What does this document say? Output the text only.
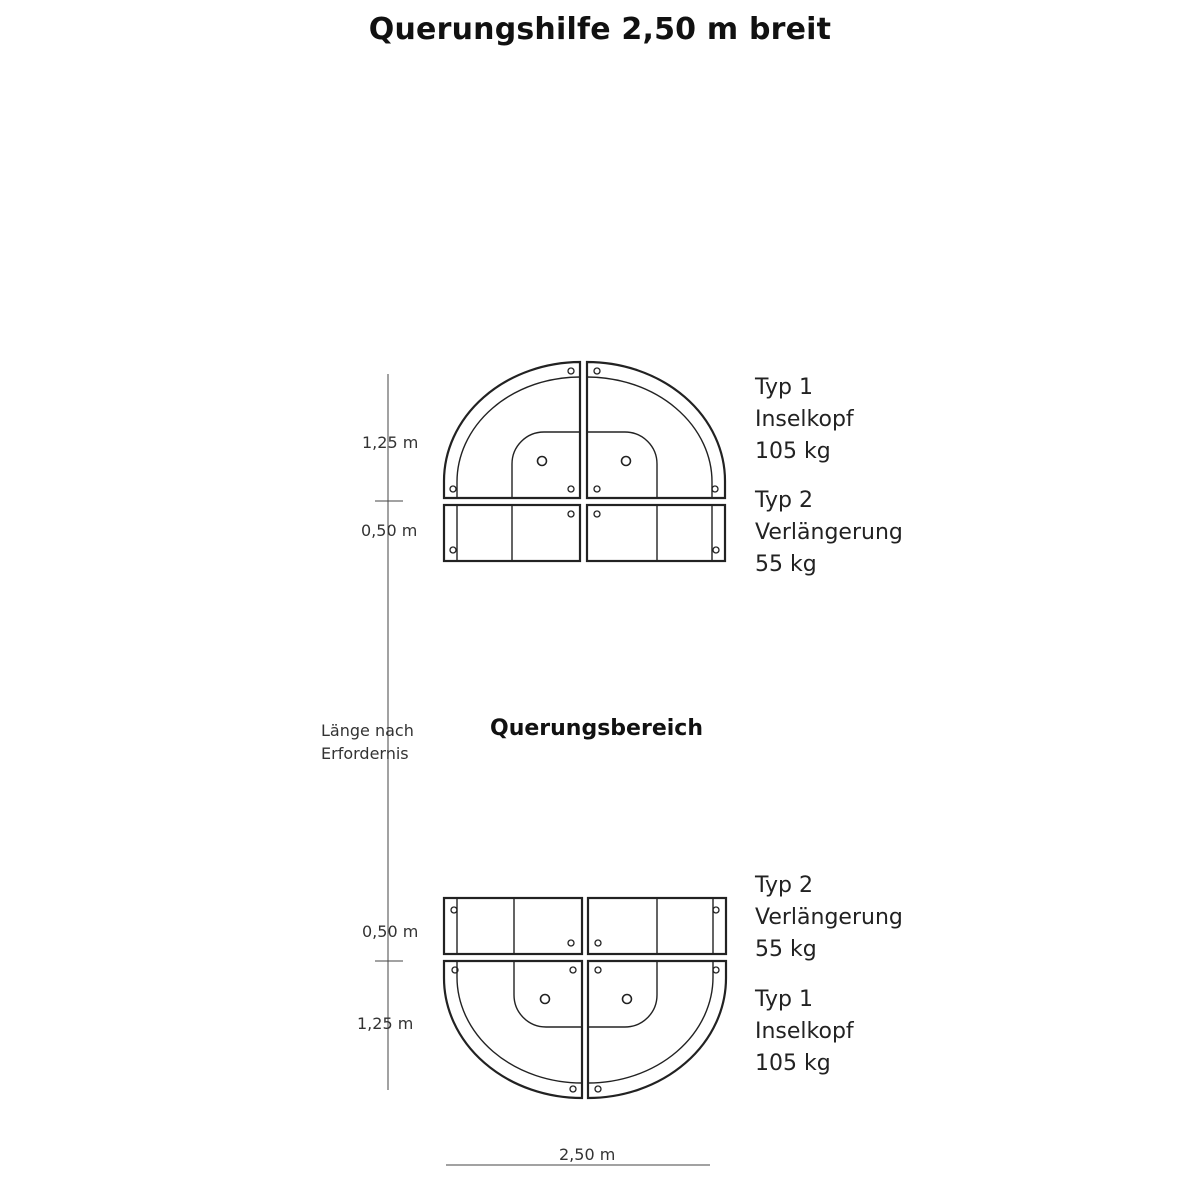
Querungshilfe 2,50 m breit
1,25 m
0,50 m
Typ 1
Inselkopf
105 kg
Typ 2
Verlängerung
55 kg
Länge nach
Erfordernis
Querungsbereich
0,50 m
1,25 m
Typ 2
Verlängerung
55 kg
Typ 1
Inselkopf
105 kg
2,50 m
